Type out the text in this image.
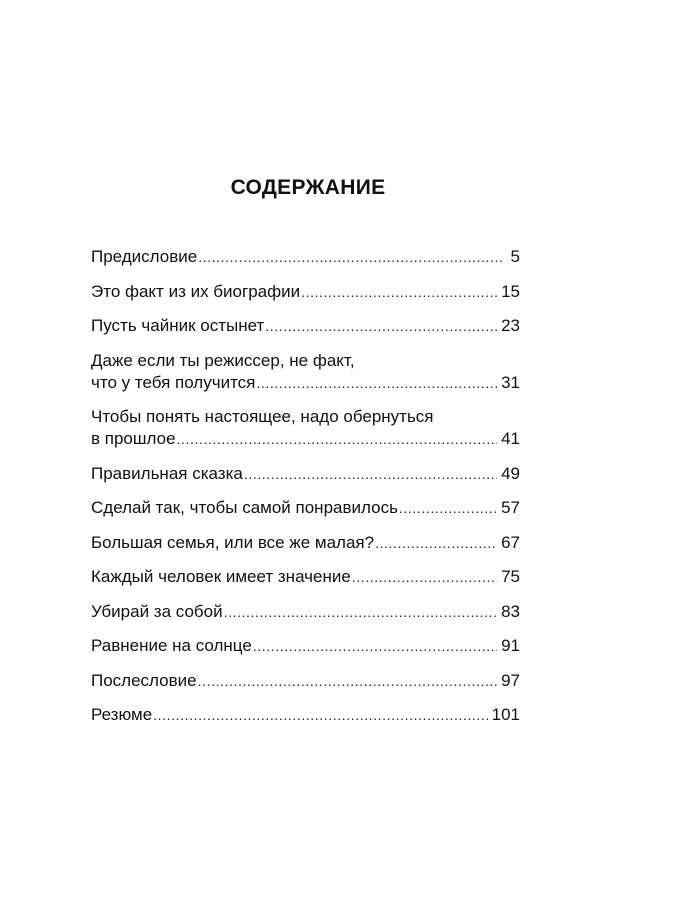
СОДЕРЖАНИЕ
Предисловие .....	5
Это факт из их биографии .....	15
Пусть чайник остынет .....	23
Даже если ты режиссер, не факт,
что у тебя получится .....	31
Чтобы понять настоящее, надо обернуться
в прошлое .....	41
Правильная сказка .....	49
Сделай так, чтобы самой понравилось .....	57
Большая семья, или все же малая? .....	67
Каждый человек имеет значение .....	75
Убирай за собой .....	83
Равнение на солнце .....	91
Послесловие .....	97
Резюме .....	101
